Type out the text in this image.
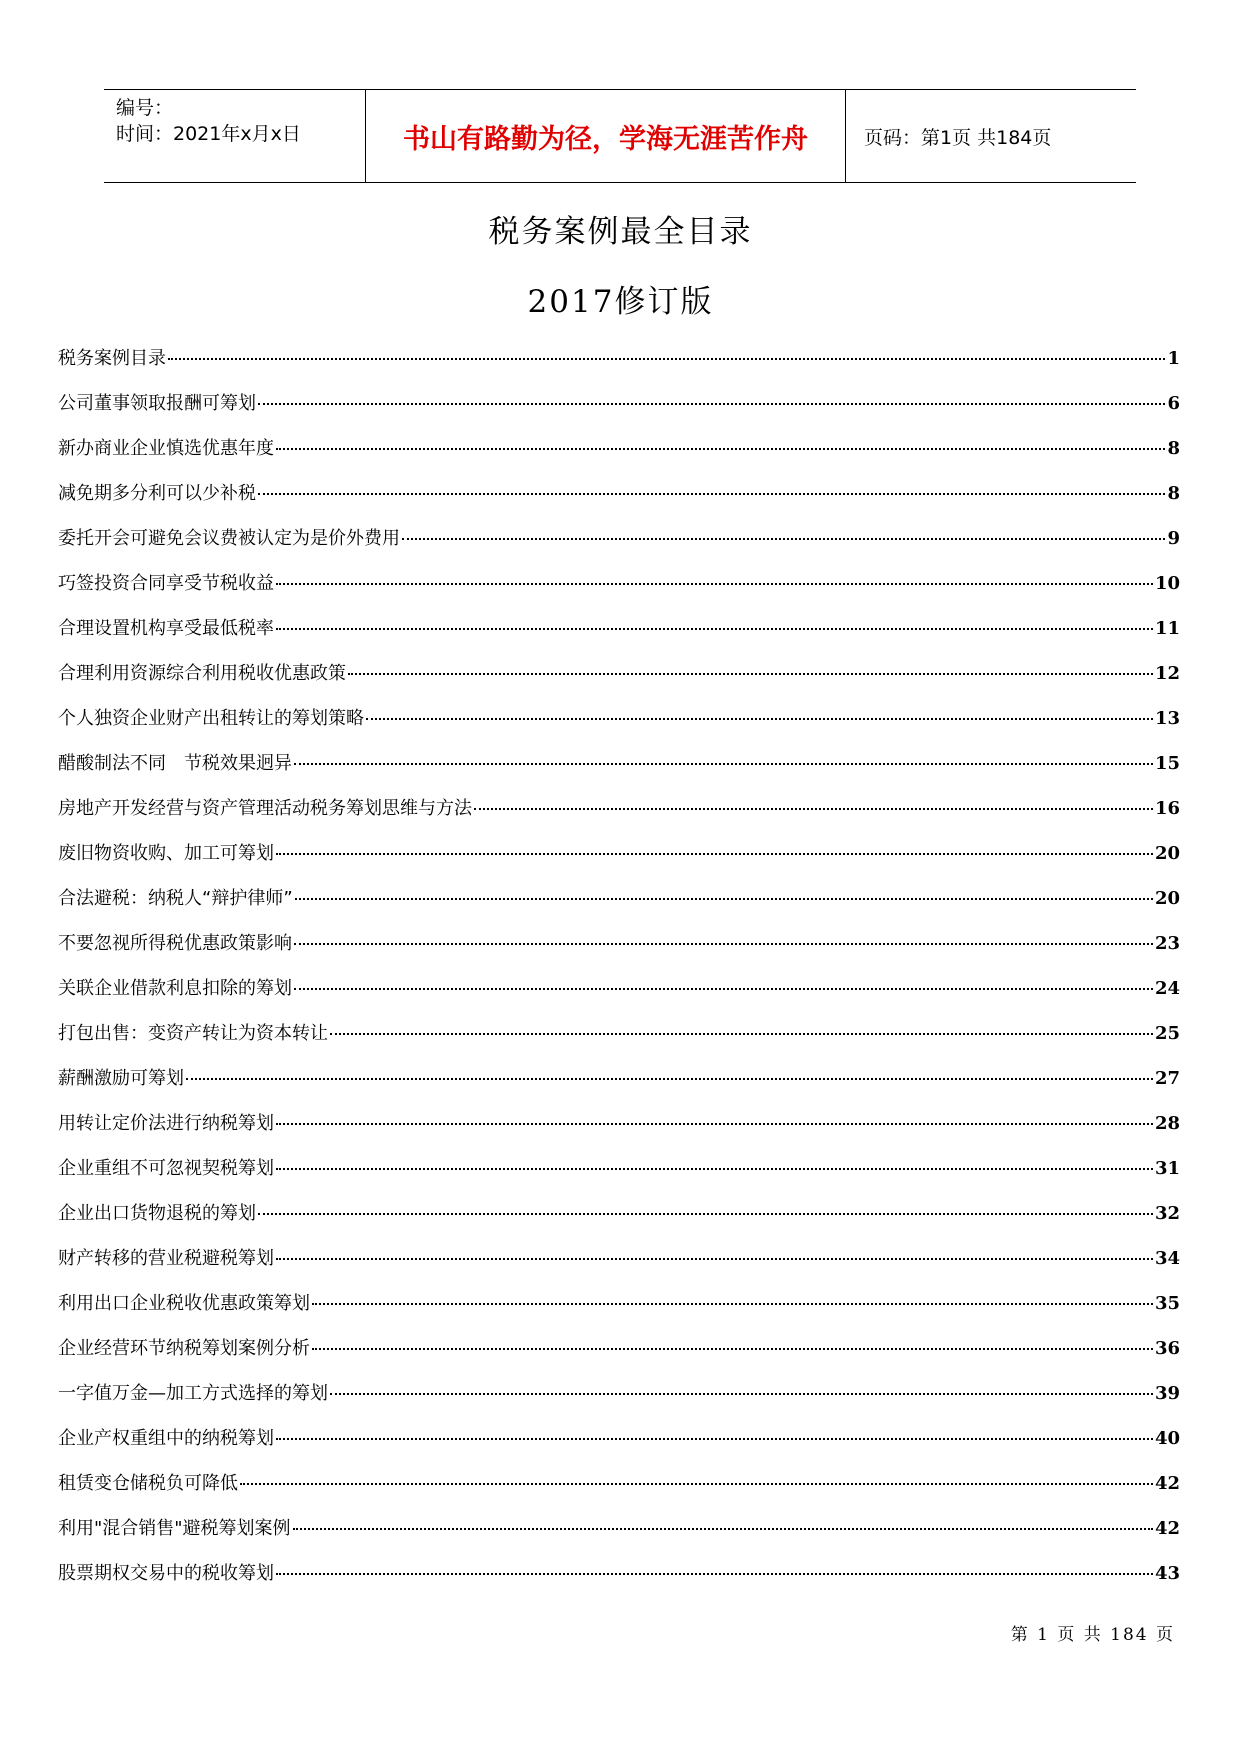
编号：
时间：2021年x月x日	书山有路勤为径，学海无涯苦作舟	页码：第1页 共184页
税务案例最全目录
2017修订版
税务案例目录	1
公司董事领取报酬可筹划	6
新办商业企业慎选优惠年度	8
减免期多分利可以少补税	8
委托开会可避免会议费被认定为是价外费用	9
巧签投资合同享受节税收益	10
合理设置机构享受最低税率	11
合理利用资源综合利用税收优惠政策	12
个人独资企业财产出租转让的筹划策略	13
醋酸制法不同　节税效果迥异	15
房地产开发经营与资产管理活动税务筹划思维与方法	16
废旧物资收购、加工可筹划	20
合法避税：纳税人“辩护律师”	20
不要忽视所得税优惠政策影响	23
关联企业借款利息扣除的筹划	24
打包出售：变资产转让为资本转让	25
薪酬激励可筹划	27
用转让定价法进行纳税筹划	28
企业重组不可忽视契税筹划	31
企业出口货物退税的筹划	32
财产转移的营业税避税筹划	34
利用出口企业税收优惠政策筹划	35
企业经营环节纳税筹划案例分析	36
一字值万金—加工方式选择的筹划	39
企业产权重组中的纳税筹划	40
租赁变仓储税负可降低	42
利用"混合销售"避税筹划案例	42
股票期权交易中的税收筹划	43
第 1 页 共 184 页
